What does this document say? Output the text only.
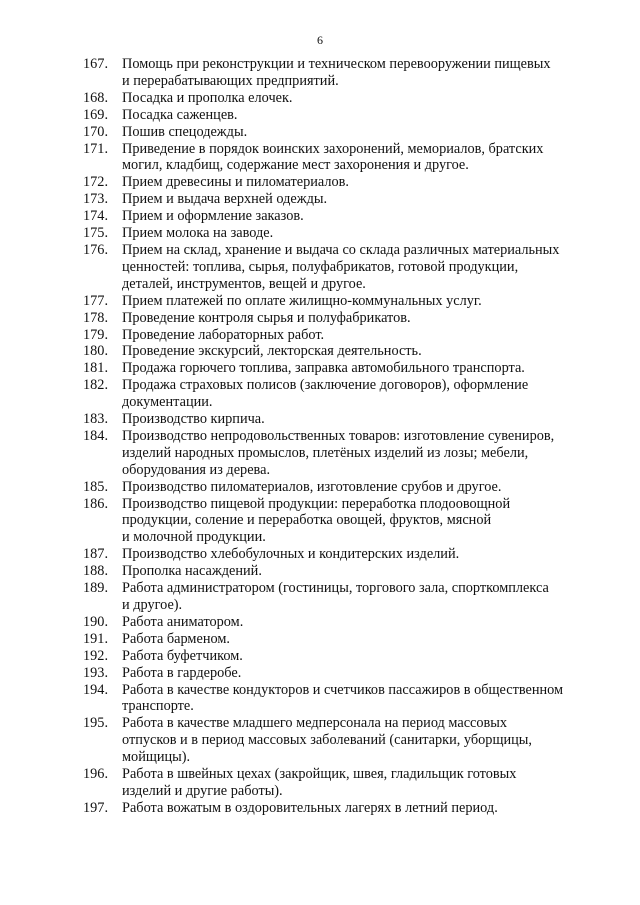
6
167. Помощь при реконструкции и техническом перевооружении пищевых
и перерабатывающих предприятий.
168. Посадка и прополка елочек.
169. Посадка саженцев.
170. Пошив спецодежды.
171. Приведение в порядок воинских захоронений, мемориалов, братских
могил, кладбищ, содержание мест захоронения и другое.
172. Прием древесины и пиломатериалов.
173. Прием и выдача верхней одежды.
174. Прием и оформление заказов.
175. Прием молока на заводе.
176. Прием на склад, хранение и выдача со склада различных материальных
ценностей: топлива, сырья, полуфабрикатов, готовой продукции,
деталей, инструментов, вещей и другое.
177. Прием платежей по оплате жилищно-коммунальных услуг.
178. Проведение контроля сырья и полуфабрикатов.
179. Проведение лабораторных работ.
180. Проведение экскурсий, лекторская деятельность.
181. Продажа горючего топлива, заправка автомобильного транспорта.
182. Продажа страховых полисов (заключение договоров), оформление
документации.
183. Производство кирпича.
184. Производство непродовольственных товаров: изготовление сувениров,
изделий народных промыслов, плетёных изделий из лозы; мебели,
оборудования из дерева.
185. Производство пиломатериалов, изготовление срубов и другое.
186. Производство пищевой продукции: переработка плодоовощной
продукции, соление и переработка овощей, фруктов, мясной
и молочной продукции.
187. Производство хлебобулочных и кондитерских изделий.
188. Прополка насаждений.
189. Работа администратором (гостиницы, торгового зала, спорткомплекса
и другое).
190. Работа аниматором.
191. Работа барменом.
192. Работа буфетчиком.
193. Работа в гардеробе.
194. Работа в качестве кондукторов и счетчиков пассажиров в общественном
транспорте.
195. Работа в качестве младшего медперсонала на период массовых
отпусков и в период массовых заболеваний (санитарки, уборщицы,
мойщицы).
196. Работа в швейных цехах (закройщик, швея, гладильщик готовых
изделий и другие работы).
197. Работа вожатым в оздоровительных лагерях в летний период.
